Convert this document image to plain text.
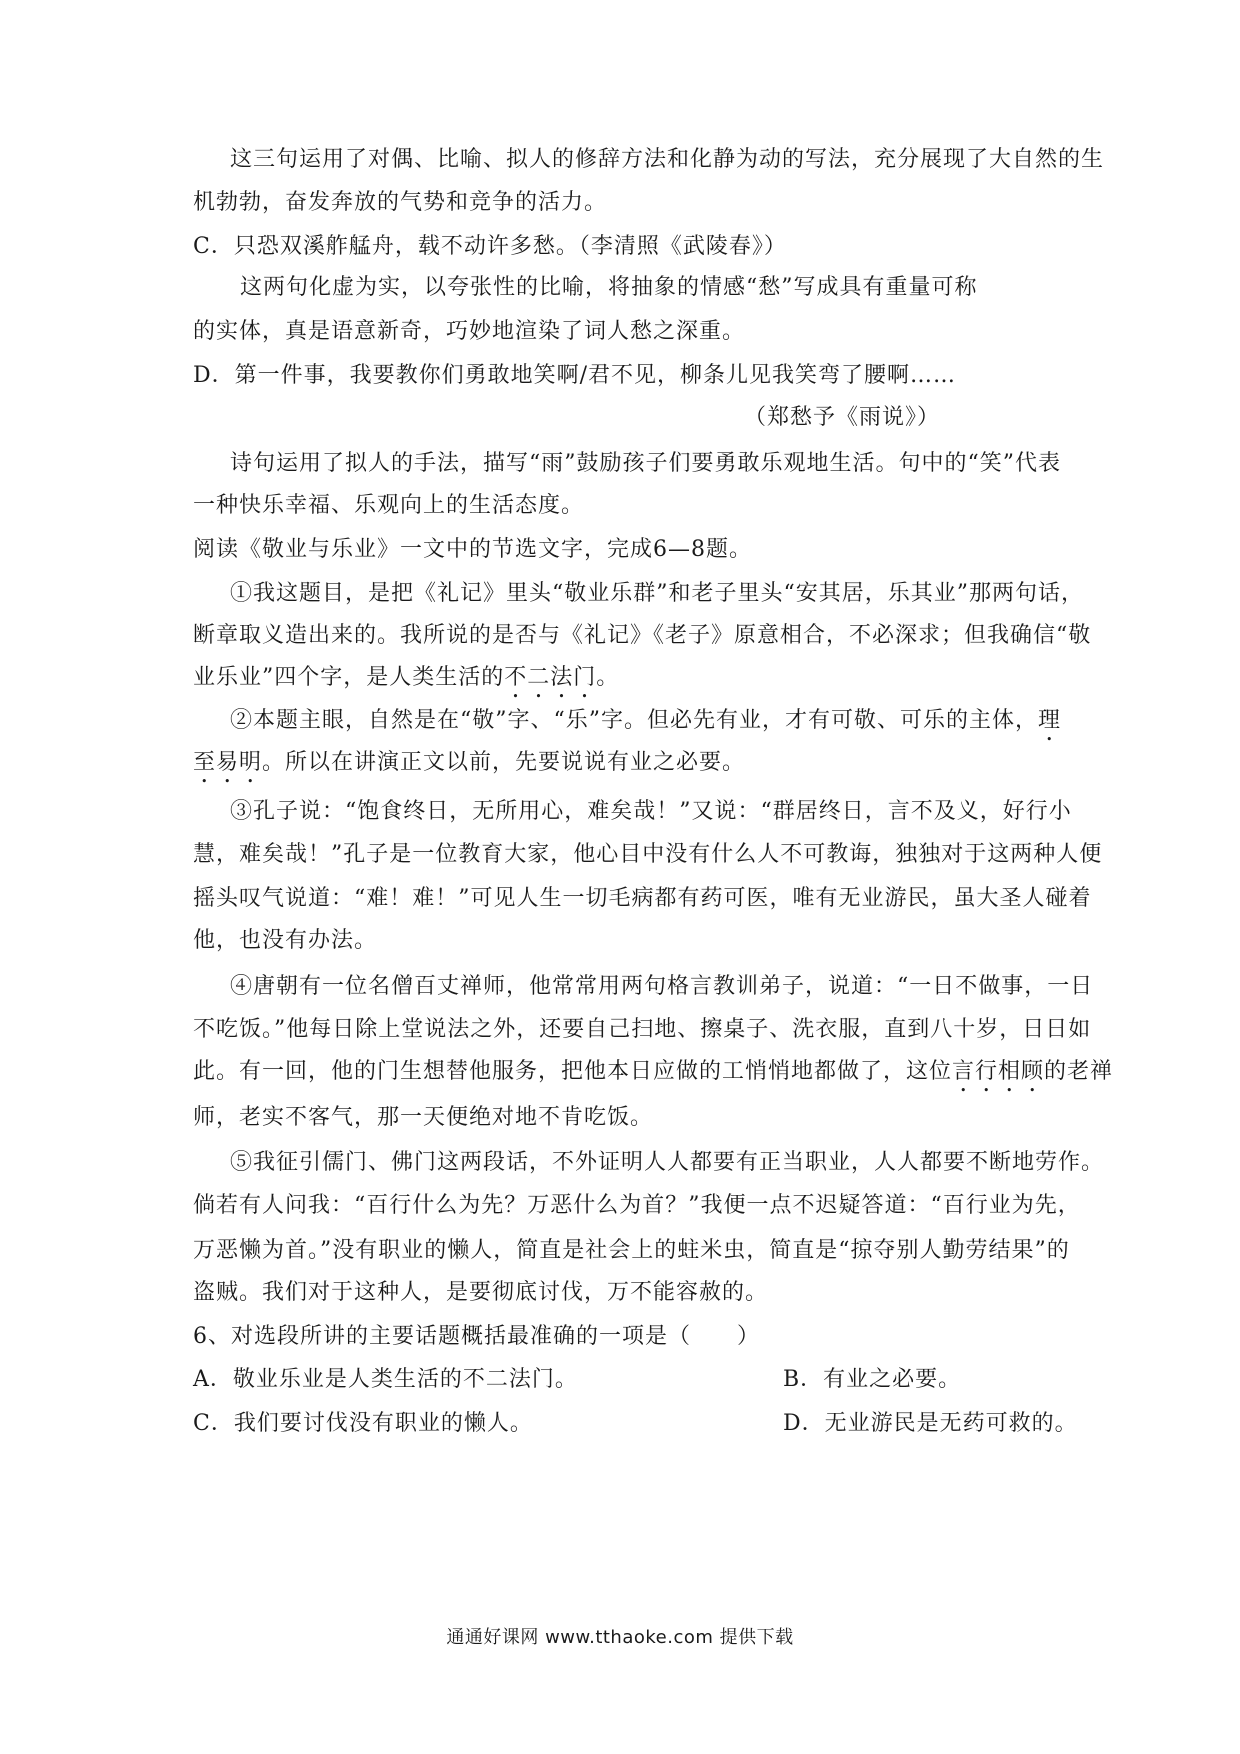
这三句运用了对偶、比喻、拟人的修辞方法和化静为动的写法，充分展现了大自然的生
机勃勃，奋发奔放的气势和竞争的活力。
C．只恐双溪舴艋舟，载不动许多愁。（李清照《武陵春》）
这两句化虚为实，以夸张性的比喻，将抽象的情感“愁”写成具有重量可称
的实体，真是语意新奇，巧妙地渲染了词人愁之深重。
D．第一件事，我要教你们勇敢地笑啊/君不见，柳条儿见我笑弯了腰啊……
（郑愁予《雨说》）
诗句运用了拟人的手法，描写“雨”鼓励孩子们要勇敢乐观地生活。句中的“笑”代表
一种快乐幸福、乐观向上的生活态度。
阅读《敬业与乐业》一文中的节选文字，完成6—8题。
①我这题目，是把《礼记》里头“敬业乐群”和老子里头“安其居，乐其业”那两句话，
断章取义造出来的。我所说的是否与《礼记》《老子》原意相合，不必深求；但我确信“敬
业乐业”四个字，是人类生活的不二法门。
②本题主眼，自然是在“敬”字、“乐”字。但必先有业，才有可敬、可乐的主体，理
至易明。所以在讲演正文以前，先要说说有业之必要。
③孔子说：“饱食终日，无所用心，难矣哉！”又说：“群居终日，言不及义，好行小
慧，难矣哉！”孔子是一位教育大家，他心目中没有什么人不可教诲，独独对于这两种人便
摇头叹气说道：“难！难！”可见人生一切毛病都有药可医，唯有无业游民，虽大圣人碰着
他，也没有办法。
④唐朝有一位名僧百丈禅师，他常常用两句格言教训弟子，说道：“一日不做事，一日
不吃饭。”他每日除上堂说法之外，还要自己扫地、擦桌子、洗衣服，直到八十岁，日日如
此。有一回，他的门生想替他服务，把他本日应做的工悄悄地都做了，这位言行相顾的老禅
师，老实不客气，那一天便绝对地不肯吃饭。
⑤我征引儒门、佛门这两段话，不外证明人人都要有正当职业，人人都要不断地劳作。
倘若有人问我：“百行什么为先？万恶什么为首？”我便一点不迟疑答道：“百行业为先，
万恶懒为首。”没有职业的懒人，简直是社会上的蛀米虫，简直是“掠夺别人勤劳结果”的
盗贼。我们对于这种人，是要彻底讨伐，万不能容赦的。
6、对选段所讲的主要话题概括最准确的一项是（　　）
A．敬业乐业是人类生活的不二法门。	B．有业之必要。
C．我们要讨伐没有职业的懒人。	D．无业游民是无药可救的。
通通好课网 www.tthaoke.com 提供下载
